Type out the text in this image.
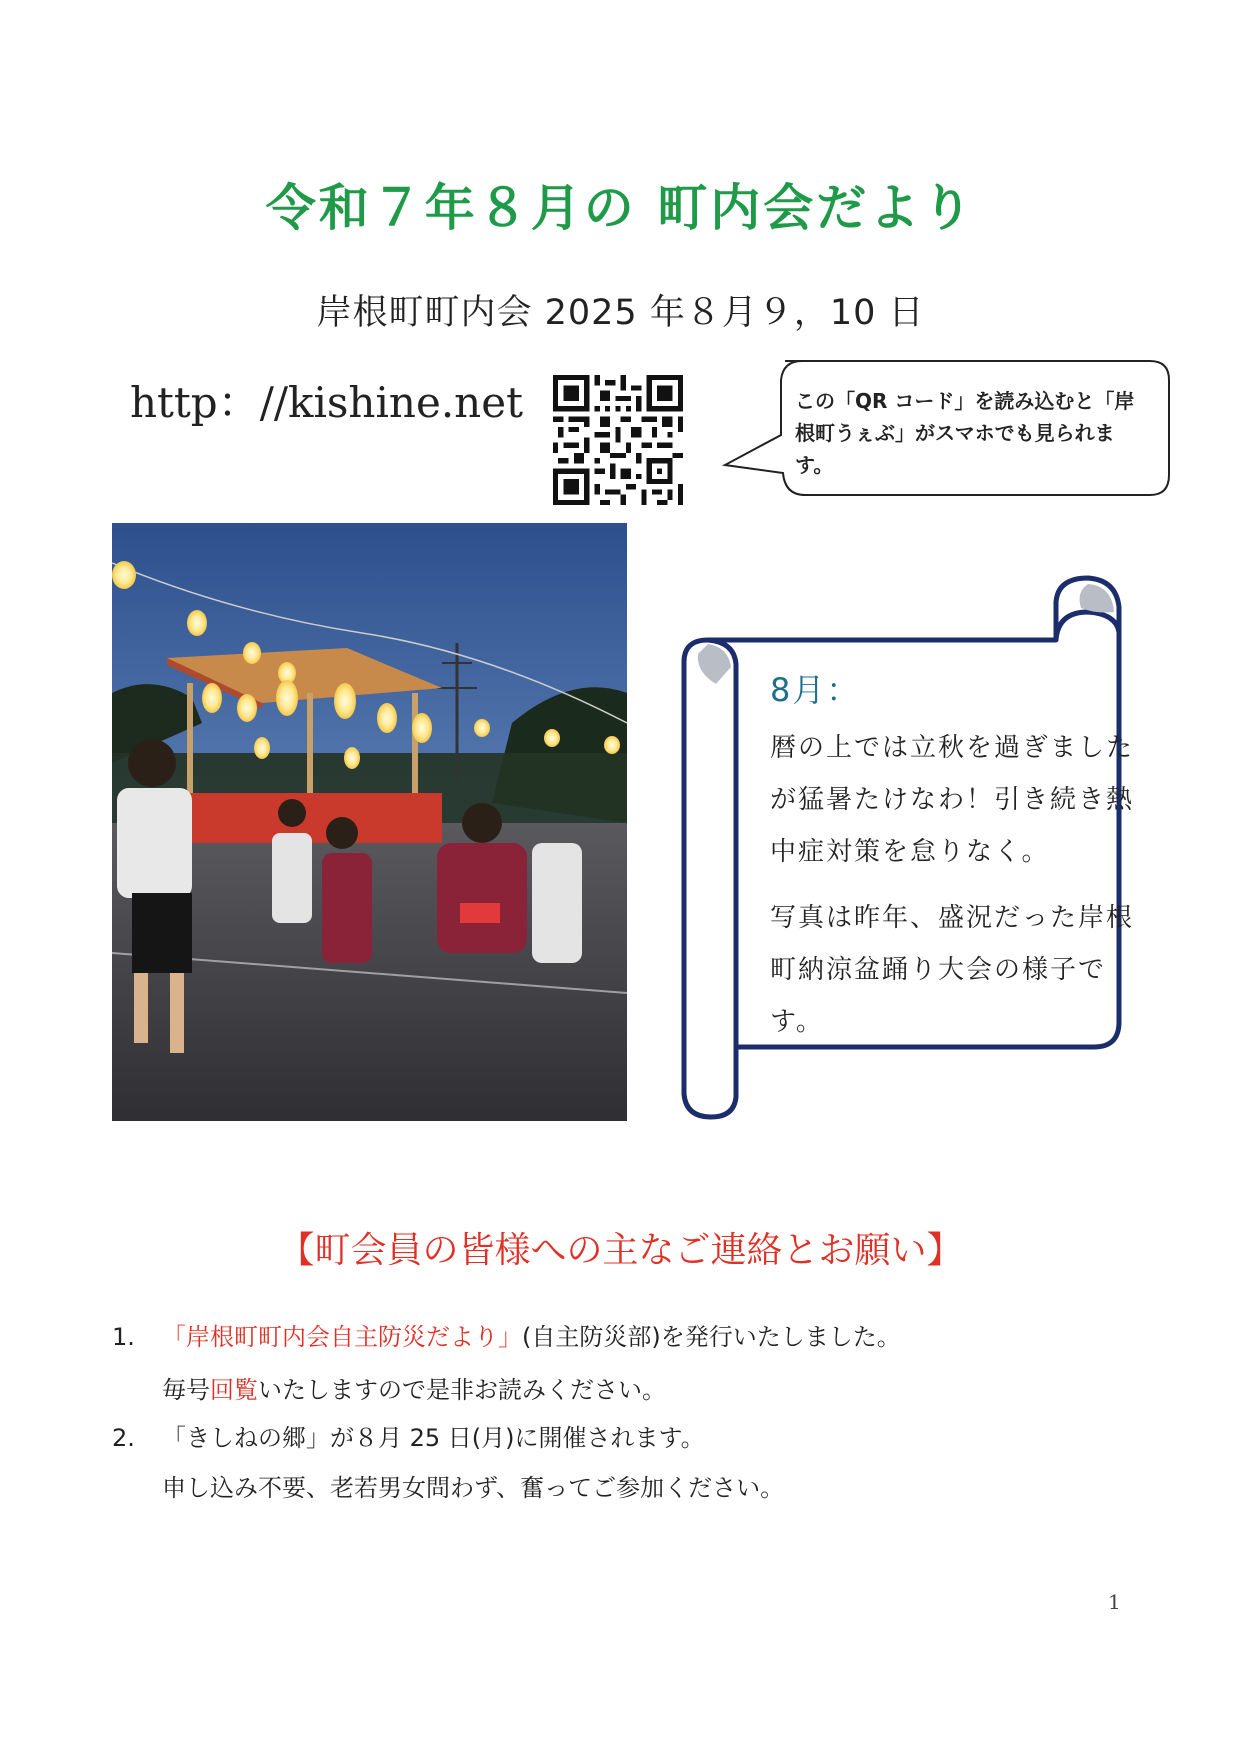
令和７年８月の 町内会だより
岸根町町内会 2025 年８月９，10 日
http：//kishine.net	この「QR コード」を読み込むと「岸根町うぇぶ」がスマホでも見られます。
8月：

暦の上では立秋を過ぎましたが猛暑たけなわ！引き続き熱中症対策を怠りなく。

写真は昨年、盛況だった岸根町納涼盆踊り大会の様子です。

【町会員の皆様への主なご連絡とお願い】
1. 「岸根町町内会自主防災だより」(自主防災部)を発行いたしました。
毎号回覧いたしますので是非お読みください。
2. 「きしねの郷」が８月 25 日(月)に開催されます。
申し込み不要、老若男女問わず、奮ってご参加ください。
1
